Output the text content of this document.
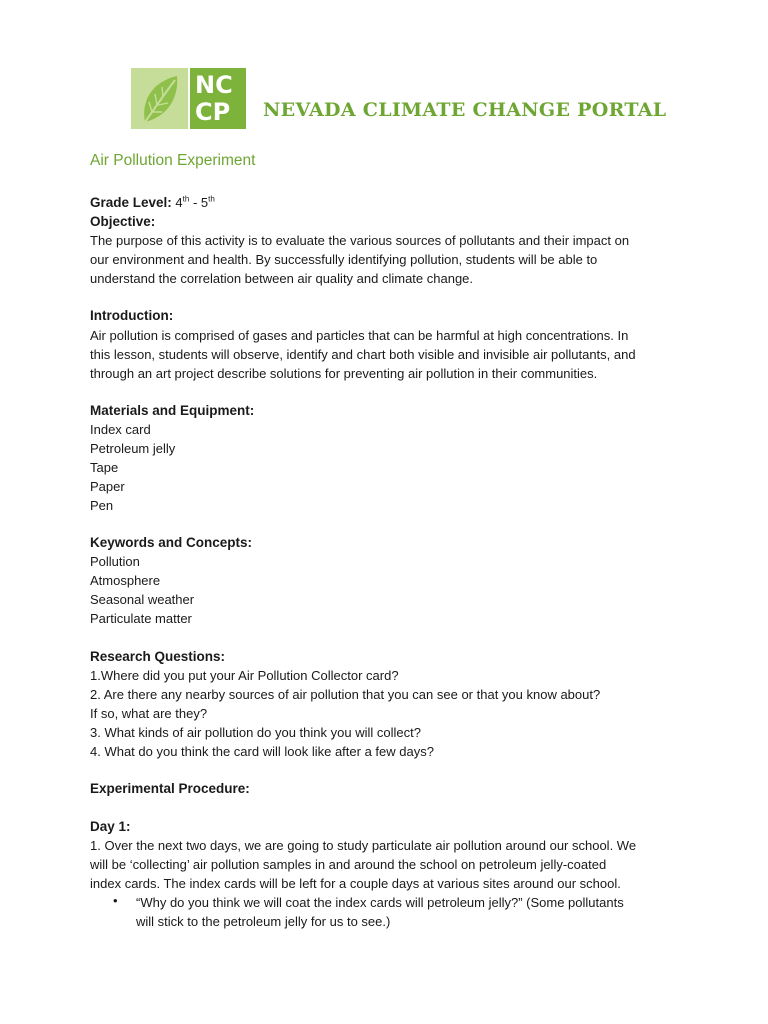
NC
CP NEVADA CLIMATE CHANGE PORTAL
Air Pollution Experiment
Grade Level: 4th - 5th
Objective:
The purpose of this activity is to evaluate the various sources of pollutants and their impact on
our environment and health. By successfully identifying pollution, students will be able to
understand the correlation between air quality and climate change.
Introduction:
Air pollution is comprised of gases and particles that can be harmful at high concentrations. In
this lesson, students will observe, identify and chart both visible and invisible air pollutants, and
through an art project describe solutions for preventing air pollution in their communities.
Materials and Equipment:
Index card
Petroleum jelly
Tape
Paper
Pen
Keywords and Concepts:
Pollution
Atmosphere
Seasonal weather
Particulate matter
Research Questions:
1.Where did you put your Air Pollution Collector card?
2. Are there any nearby sources of air pollution that you can see or that you know about?
If so, what are they?
3. What kinds of air pollution do you think you will collect?
4. What do you think the card will look like after a few days?
Experimental Procedure:
Day 1:
1. Over the next two days, we are going to study particulate air pollution around our school. We
will be ‘collecting’ air pollution samples in and around the school on petroleum jelly-coated
index cards. The index cards will be left for a couple days at various sites around our school.
• “Why do you think we will coat the index cards will petroleum jelly?” (Some pollutants
will stick to the petroleum jelly for us to see.)
